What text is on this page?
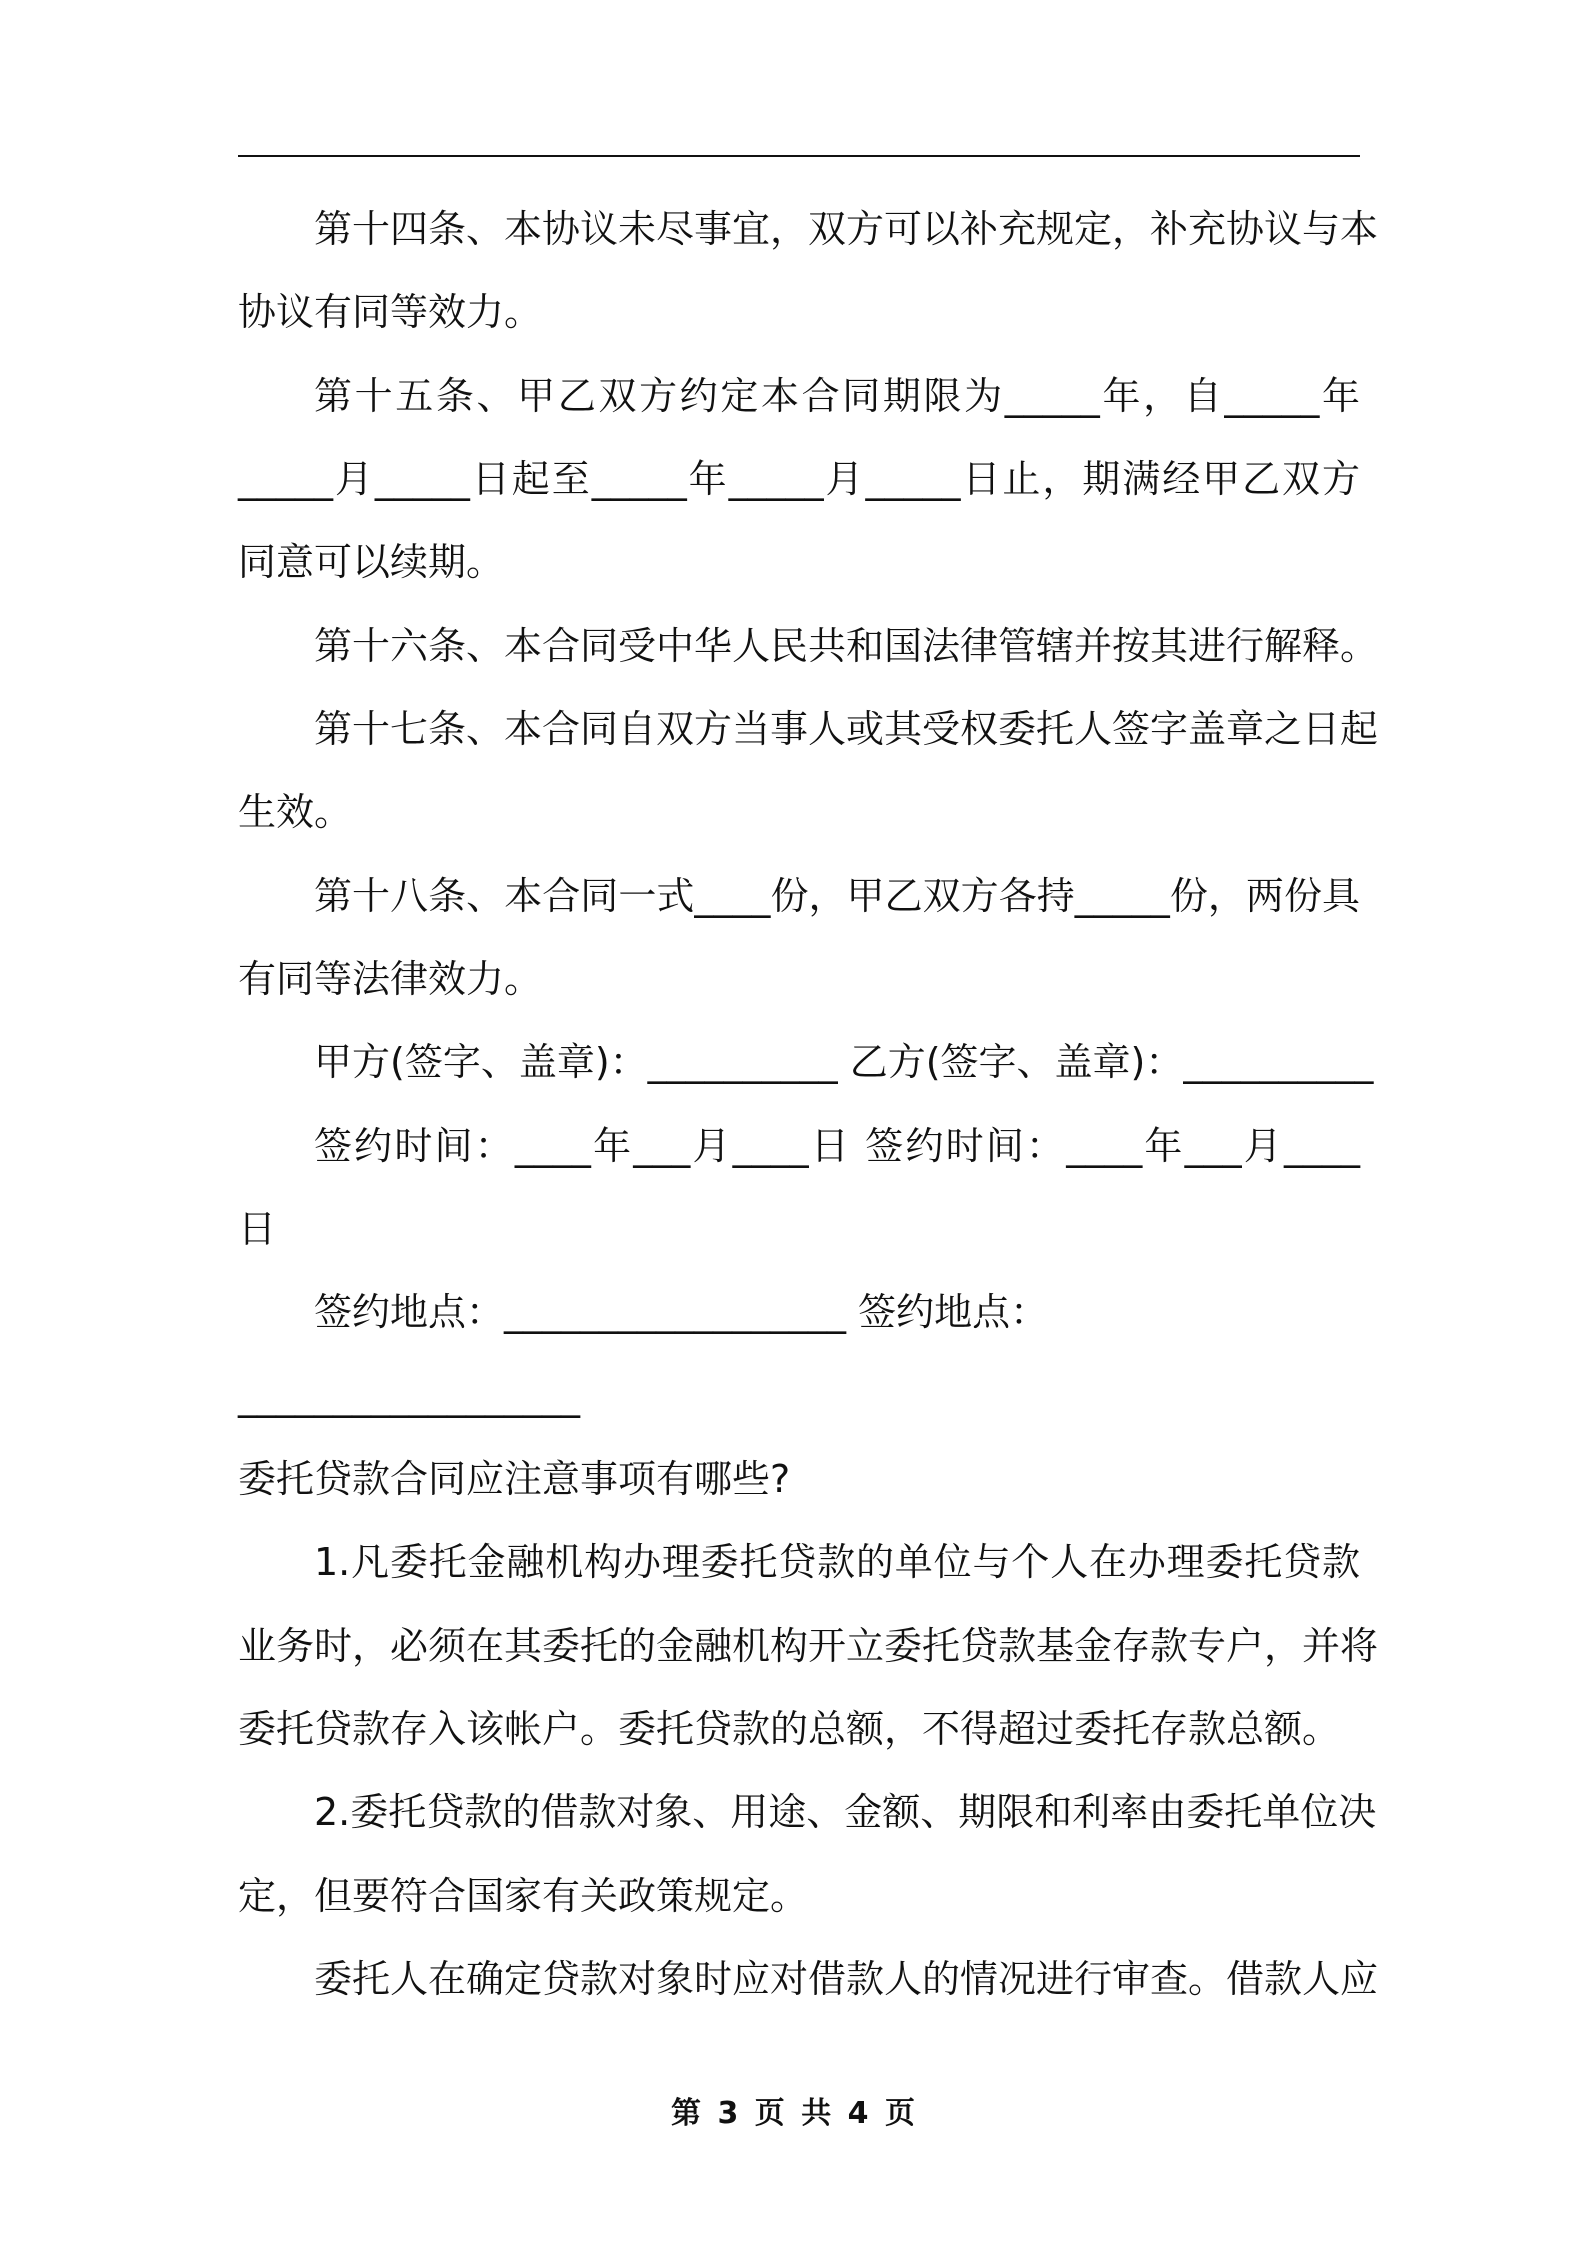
第十四条、本协议未尽事宜，双方可以补充规定，补充协议与本

协议有同等效力。

第十五条、甲乙双方约定本合同期限为_____年，自_____年

_____月_____日起至_____年_____月_____日止，期满经甲乙双方

同意可以续期。

第十六条、本合同受中华人民共和国法律管辖并按其进行解释。

第十七条、本合同自双方当事人或其受权委托人签字盖章之日起

生效。

第十八条、本合同一式____份，甲乙双方各持_____份，两份具

有同等法律效力。

甲方(签字、盖章)：__________ 乙方(签字、盖章)：__________

签约时间：____年___月____日 签约时间：____年___月____

日

签约地点：__________________ 签约地点：

__________________

委托贷款合同应注意事项有哪些?

1.凡委托金融机构办理委托贷款的单位与个人在办理委托贷款

业务时，必须在其委托的金融机构开立委托贷款基金存款专户，并将

委托贷款存入该帐户。委托贷款的总额，不得超过委托存款总额。

2.委托贷款的借款对象、用途、金额、期限和利率由委托单位决

定，但要符合国家有关政策规定。

委托人在确定贷款对象时应对借款人的情况进行审查。借款人应

第 3 页 共 4 页
